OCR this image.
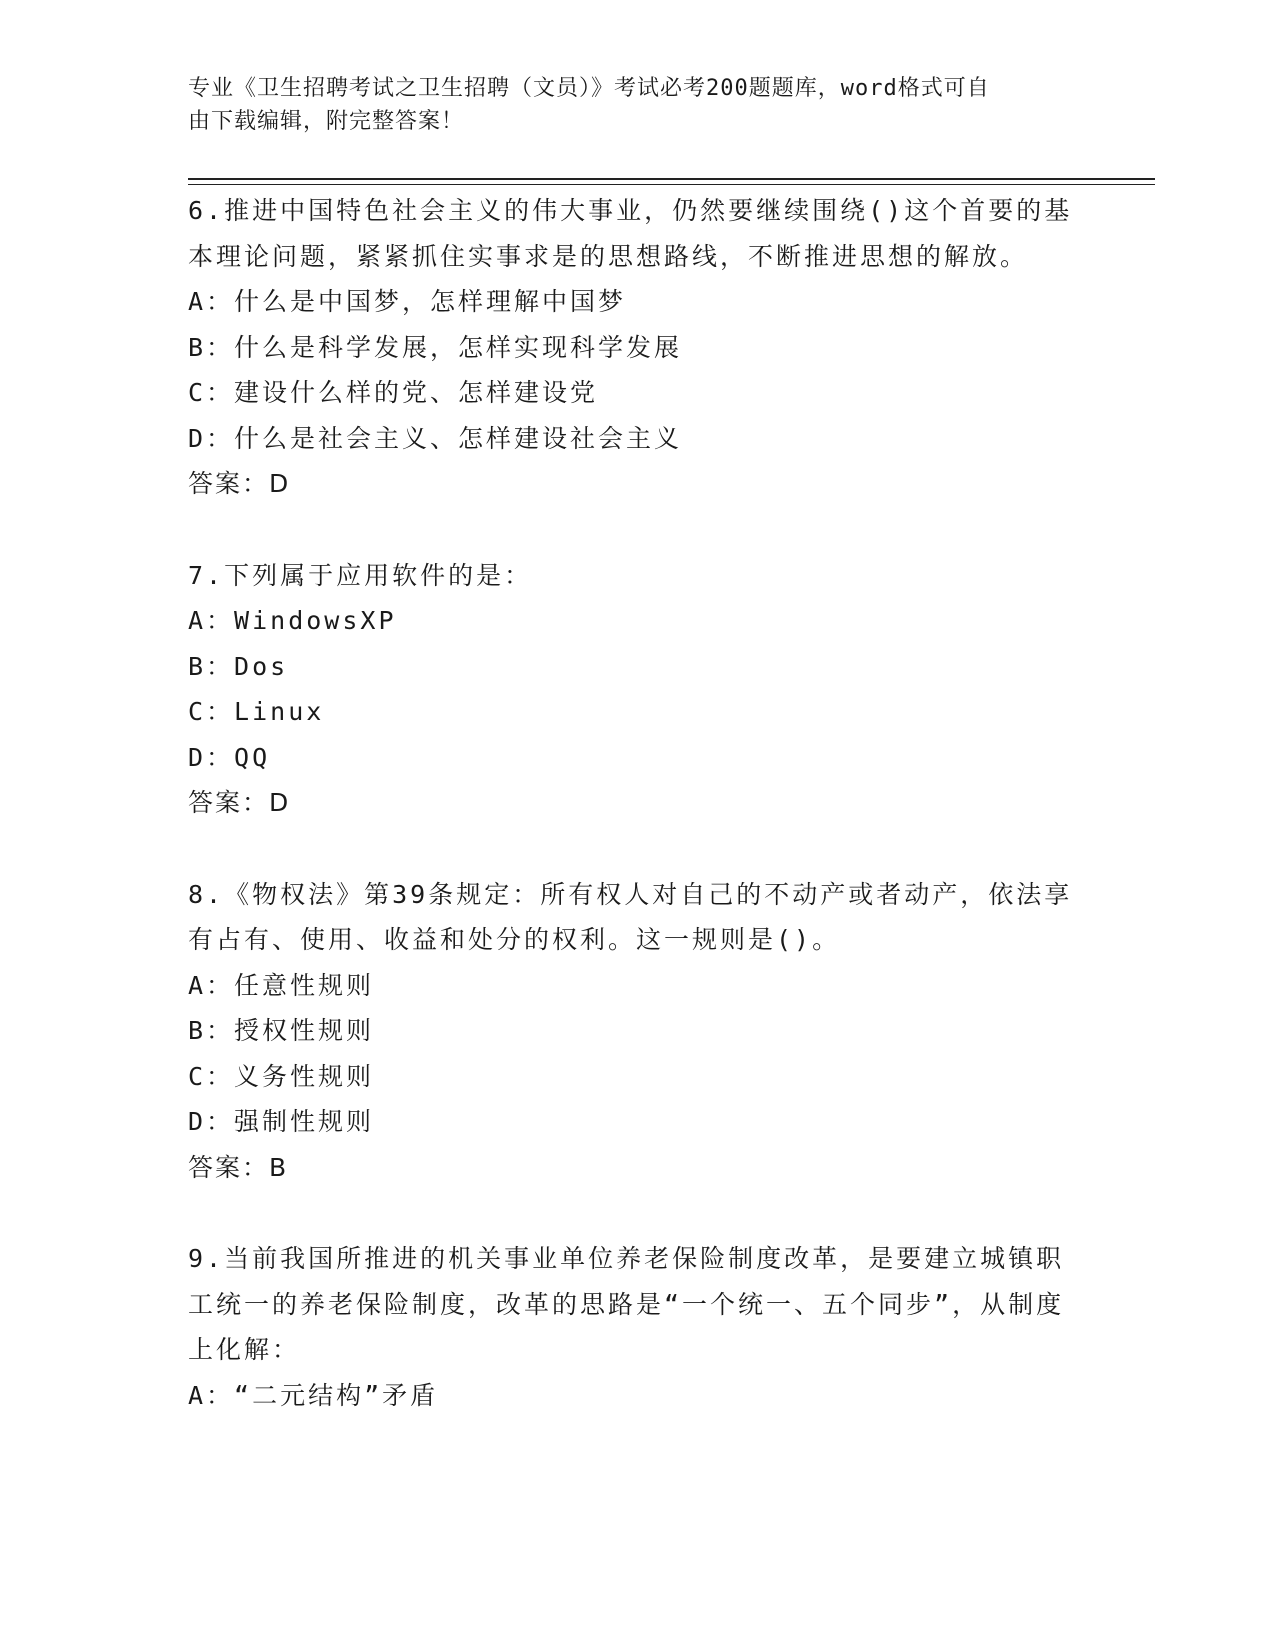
专业《卫生招聘考试之卫生招聘（文员）》考试必考200题题库，word格式可自
由下载编辑，附完整答案！
6.推进中国特色社会主义的伟大事业，仍然要继续围绕()这个首要的基本理论问题，紧紧抓住实事求是的思想路线，不断推进思想的解放。
A：什么是中国梦，怎样理解中国梦
B：什么是科学发展，怎样实现科学发展
C：建设什么样的党、怎样建设党
D：什么是社会主义、怎样建设社会主义
答案：D
7.下列属于应用软件的是：
A：WindowsXP
B：Dos
C：Linux
D：QQ
答案：D
8.《物权法》第39条规定：所有权人对自己的不动产或者动产，依法享有占有、使用、收益和处分的权利。这一规则是()。
A：任意性规则
B：授权性规则
C：义务性规则
D：强制性规则
答案：B
9.当前我国所推进的机关事业单位养老保险制度改革，是要建立城镇职工统一的养老保险制度，改革的思路是“一个统一、五个同步”，从制度上化解：
A：“二元结构”矛盾
